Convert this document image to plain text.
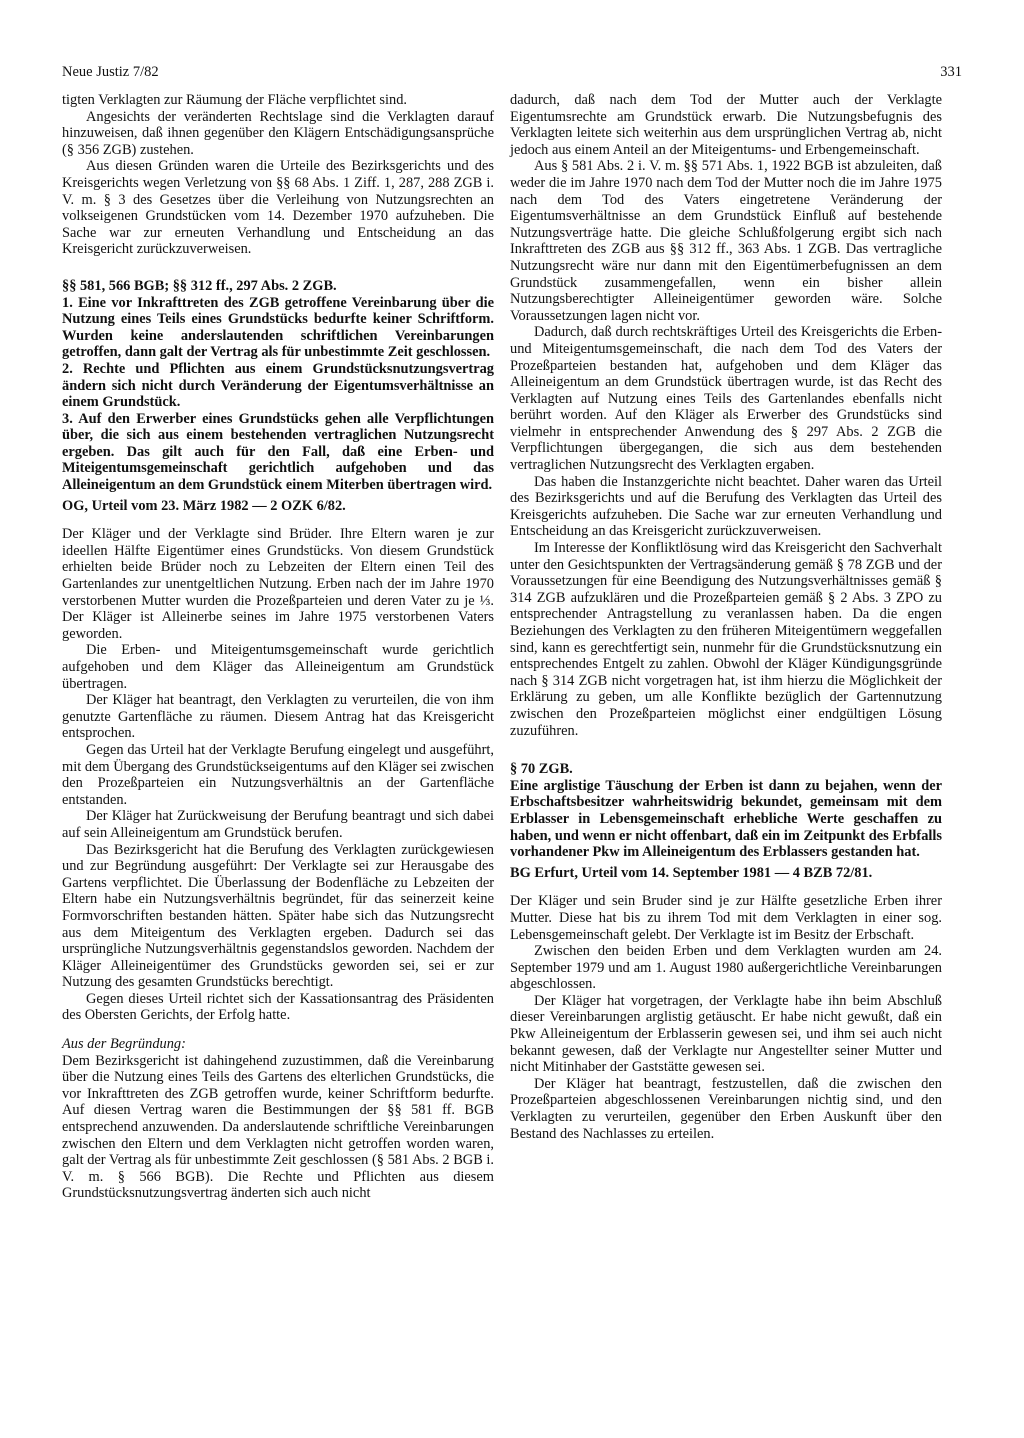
Neue Justiz 7/82	331

tigten Verklagten zur Räumung der Fläche verpflichtet sind.

Angesichts der veränderten Rechtslage sind die Verklagten darauf hinzuweisen, daß ihnen gegenüber den Klägern Entschädigungsansprüche (§ 356 ZGB) zustehen.

Aus diesen Gründen waren die Urteile des Bezirksgerichts und des Kreisgerichts wegen Verletzung von §§ 68 Abs. 1 Ziff. 1, 287, 288 ZGB i. V. m. § 3 des Gesetzes über die Verleihung von Nutzungsrechten an volkseigenen Grundstücken vom 14. Dezember 1970 aufzuheben. Die Sache war zur erneuten Verhandlung und Entscheidung an das Kreisgericht zurückzuverweisen.

§§ 581, 566 BGB; §§ 312 ff., 297 Abs. 2 ZGB.

1. Eine vor Inkrafttreten des ZGB getroffene Vereinbarung über die Nutzung eines Teils eines Grundstücks bedurfte keiner Schriftform. Wurden keine anderslautenden schriftlichen Vereinbarungen getroffen, dann galt der Vertrag als für unbestimmte Zeit geschlossen.

2. Rechte und Pflichten aus einem Grundstücksnutzungsvertrag ändern sich nicht durch Veränderung der Eigentumsverhältnisse an einem Grundstück.

3. Auf den Erwerber eines Grundstücks gehen alle Verpflichtungen über, die sich aus einem bestehenden vertraglichen Nutzungsrecht ergeben. Das gilt auch für den Fall, daß eine Erben- und Miteigentumsgemeinschaft gerichtlich aufgehoben und das Alleineigentum an dem Grundstück einem Miterben übertragen wird.

OG, Urteil vom 23. März 1982 — 2 OZK 6/82.

Der Kläger und der Verklagte sind Brüder. Ihre Eltern waren je zur ideellen Hälfte Eigentümer eines Grundstücks. Von diesem Grundstück erhielten beide Brüder noch zu Lebzeiten der Eltern einen Teil des Gartenlandes zur unentgeltlichen Nutzung. Erben nach der im Jahre 1970 verstorbenen Mutter wurden die Prozeßparteien und deren Vater zu je ⅓. Der Kläger ist Alleinerbe seines im Jahre 1975 verstorbenen Vaters geworden.

Die Erben- und Miteigentumsgemeinschaft wurde gerichtlich aufgehoben und dem Kläger das Alleineigentum am Grundstück übertragen.

Der Kläger hat beantragt, den Verklagten zu verurteilen, die von ihm genutzte Gartenfläche zu räumen. Diesem Antrag hat das Kreisgericht entsprochen.

Gegen das Urteil hat der Verklagte Berufung eingelegt und ausgeführt, mit dem Übergang des Grundstückseigentums auf den Kläger sei zwischen den Prozeßparteien ein Nutzungsverhältnis an der Gartenfläche entstanden.

Der Kläger hat Zurückweisung der Berufung beantragt und sich dabei auf sein Alleineigentum am Grundstück berufen.

Das Bezirksgericht hat die Berufung des Verklagten zurückgewiesen und zur Begründung ausgeführt: Der Verklagte sei zur Herausgabe des Gartens verpflichtet. Die Überlassung der Bodenfläche zu Lebzeiten der Eltern habe ein Nutzungsverhältnis begründet, für das seinerzeit keine Formvorschriften bestanden hätten. Später habe sich das Nutzungsrecht aus dem Miteigentum des Verklagten ergeben. Dadurch sei das ursprüngliche Nutzungsverhältnis gegenstandslos geworden. Nachdem der Kläger Alleineigentümer des Grundstücks geworden sei, sei er zur Nutzung des gesamten Grundstücks berechtigt.

Gegen dieses Urteil richtet sich der Kassationsantrag des Präsidenten des Obersten Gerichts, der Erfolg hatte.

Aus der Begründung:

Dem Bezirksgericht ist dahingehend zuzustimmen, daß die Vereinbarung über die Nutzung eines Teils des Gartens des elterlichen Grundstücks, die vor Inkrafttreten des ZGB getroffen wurde, keiner Schriftform bedurfte. Auf diesen Vertrag waren die Bestimmungen der §§ 581 ff. BGB entsprechend anzuwenden. Da anderslautende schriftliche Vereinbarungen zwischen den Eltern und dem Verklagten nicht getroffen worden waren, galt der Vertrag als für unbestimmte Zeit geschlossen (§ 581 Abs. 2 BGB i. V. m. § 566 BGB). Die Rechte und Pflichten aus diesem Grundstücksnutzungsvertrag änderten sich auch nicht

dadurch, daß nach dem Tod der Mutter auch der Verklagte Eigentumsrechte am Grundstück erwarb. Die Nutzungsbefugnis des Verklagten leitete sich weiterhin aus dem ursprünglichen Vertrag ab, nicht jedoch aus einem Anteil an der Miteigentums- und Erbengemeinschaft.

Aus § 581 Abs. 2 i. V. m. §§ 571 Abs. 1, 1922 BGB ist abzuleiten, daß weder die im Jahre 1970 nach dem Tod der Mutter noch die im Jahre 1975 nach dem Tod des Vaters eingetretene Veränderung der Eigentumsverhältnisse an dem Grundstück Einfluß auf bestehende Nutzungsverträge hatte. Die gleiche Schlußfolgerung ergibt sich nach Inkrafttreten des ZGB aus §§ 312 ff., 363 Abs. 1 ZGB. Das vertragliche Nutzungsrecht wäre nur dann mit den Eigentümerbefugnissen an dem Grundstück zusammengefallen, wenn ein bisher allein Nutzungsberechtigter Alleineigentümer geworden wäre. Solche Voraussetzungen lagen nicht vor.

Dadurch, daß durch rechtskräftiges Urteil des Kreisgerichts die Erben- und Miteigentumsgemeinschaft, die nach dem Tod des Vaters der Prozeßparteien bestanden hat, aufgehoben und dem Kläger das Alleineigentum an dem Grundstück übertragen wurde, ist das Recht des Verklagten auf Nutzung eines Teils des Gartenlandes ebenfalls nicht berührt worden. Auf den Kläger als Erwerber des Grundstücks sind vielmehr in entsprechender Anwendung des § 297 Abs. 2 ZGB die Verpflichtungen übergegangen, die sich aus dem bestehenden vertraglichen Nutzungsrecht des Verklagten ergaben.

Das haben die Instanzgerichte nicht beachtet. Daher waren das Urteil des Bezirksgerichts und auf die Berufung des Verklagten das Urteil des Kreisgerichts aufzuheben. Die Sache war zur erneuten Verhandlung und Entscheidung an das Kreisgericht zurückzuverweisen.

Im Interesse der Konfliktlösung wird das Kreisgericht den Sachverhalt unter den Gesichtspunkten der Vertragsänderung gemäß § 78 ZGB und der Voraussetzungen für eine Beendigung des Nutzungsverhältnisses gemäß § 314 ZGB aufzuklären und die Prozeßparteien gemäß § 2 Abs. 3 ZPO zu entsprechender Antragstellung zu veranlassen haben. Da die engen Beziehungen des Verklagten zu den früheren Miteigentümern weggefallen sind, kann es gerechtfertigt sein, nunmehr für die Grundstücksnutzung ein entsprechendes Entgelt zu zahlen. Obwohl der Kläger Kündigungsgründe nach § 314 ZGB nicht vorgetragen hat, ist ihm hierzu die Möglichkeit der Erklärung zu geben, um alle Konflikte bezüglich der Gartennutzung zwischen den Prozeßparteien möglichst einer endgültigen Lösung zuzuführen.

§ 70 ZGB.

Eine arglistige Täuschung der Erben ist dann zu bejahen, wenn der Erbschaftsbesitzer wahrheitswidrig bekundet, gemeinsam mit dem Erblasser in Lebensgemeinschaft erhebliche Werte geschaffen zu haben, und wenn er nicht offenbart, daß ein im Zeitpunkt des Erbfalls vorhandener Pkw im Alleineigentum des Erblassers gestanden hat.

BG Erfurt, Urteil vom 14. September 1981 — 4 BZB 72/81.

Der Kläger und sein Bruder sind je zur Hälfte gesetzliche Erben ihrer Mutter. Diese hat bis zu ihrem Tod mit dem Verklagten in einer sog. Lebensgemeinschaft gelebt. Der Verklagte ist im Besitz der Erbschaft.

Zwischen den beiden Erben und dem Verklagten wurden am 24. September 1979 und am 1. August 1980 außergerichtliche Vereinbarungen abgeschlossen.

Der Kläger hat vorgetragen, der Verklagte habe ihn beim Abschluß dieser Vereinbarungen arglistig getäuscht. Er habe nicht gewußt, daß ein Pkw Alleineigentum der Erblasserin gewesen sei, und ihm sei auch nicht bekannt gewesen, daß der Verklagte nur Angestellter seiner Mutter und nicht Mitinhaber der Gaststätte gewesen sei.

Der Kläger hat beantragt, festzustellen, daß die zwischen den Prozeßparteien abgeschlossenen Vereinbarungen nichtig sind, und den Verklagten zu verurteilen, gegenüber den Erben Auskunft über den Bestand des Nachlasses zu erteilen.
